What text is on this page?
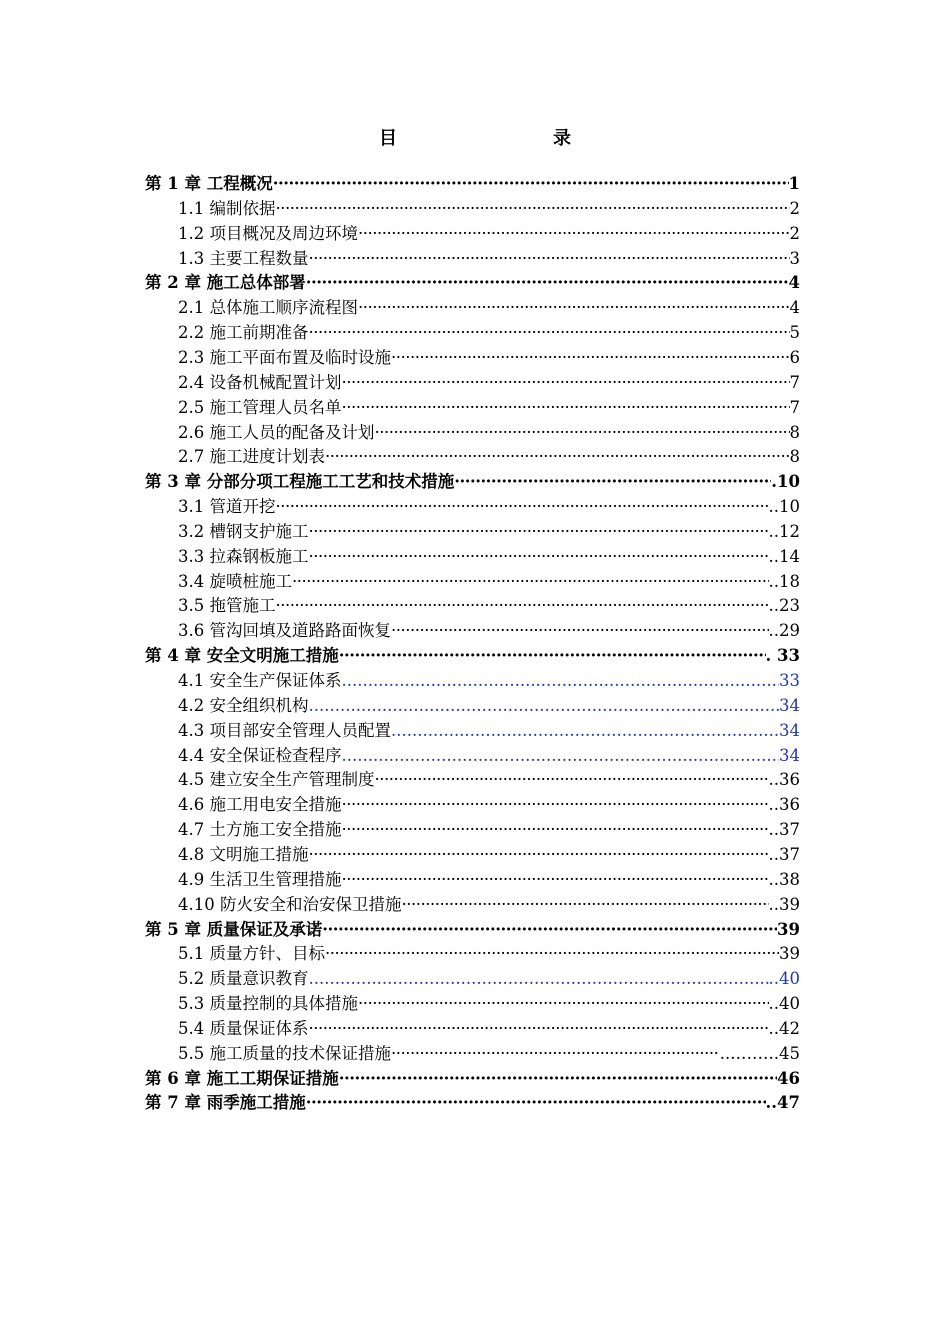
目　　录
第 1 章 工程概况 ·····	1
1.1 编制依据 ·····	2
1.2 项目概况及周边环境 ·····	2
1.3 主要工程数量 ·····	3
第 2 章 施工总体部署 ·····	4
2.1 总体施工顺序流程图 ·····	4
2.2 施工前期准备 ·····	5
2.3 施工平面布置及临时设施 ·····	6
2.4 设备机械配置计划 ·····	7
2.5 施工管理人员名单 ·····	7
2.6 施工人员的配备及计划 ·····	8
2.7 施工进度计划表 ·····	8
第 3 章 分部分项工程施工工艺和技术措施 ·····	.10
3.1 管道开挖 ·····	..10
3.2 槽钢支护施工 ·····	..12
3.3 拉森钢板施工 ·····	..14
3.4 旋喷桩施工 ·····	..18
3.5 拖管施工 ·····	..23
3.6 管沟回填及道路路面恢复 ·····	..29
第 4 章 安全文明施工措施 ·····	. 33
4.1 安全生产保证体系 .....	33
4.2 安全组织机构 .....	34
4.3 项目部安全管理人员配置 .....	34
4.4 安全保证检查程序 .....	34
4.5 建立安全生产管理制度 ·····	..36
4.6 施工用电安全措施 ·····	..36
4.7 土方施工安全措施 ·····	..37
4.8 文明施工措施 ·····	..37
4.9 生活卫生管理措施 ·····	..38
4.10 防火安全和治安保卫措施 ·····	..39
第 5 章 质量保证及承诺 ·····	39
5.1 质量方针、目标 ·····	39
5.2 质量意识教育 .....	..40
5.3 质量控制的具体措施 ·····	..40
5.4 质量保证体系 ·····	..42
5.5 施工质量的技术保证措施 ·····	...……..45
第 6 章 施工工期保证措施 ·····	46
第 7 章 雨季施工措施 ·····	..47
